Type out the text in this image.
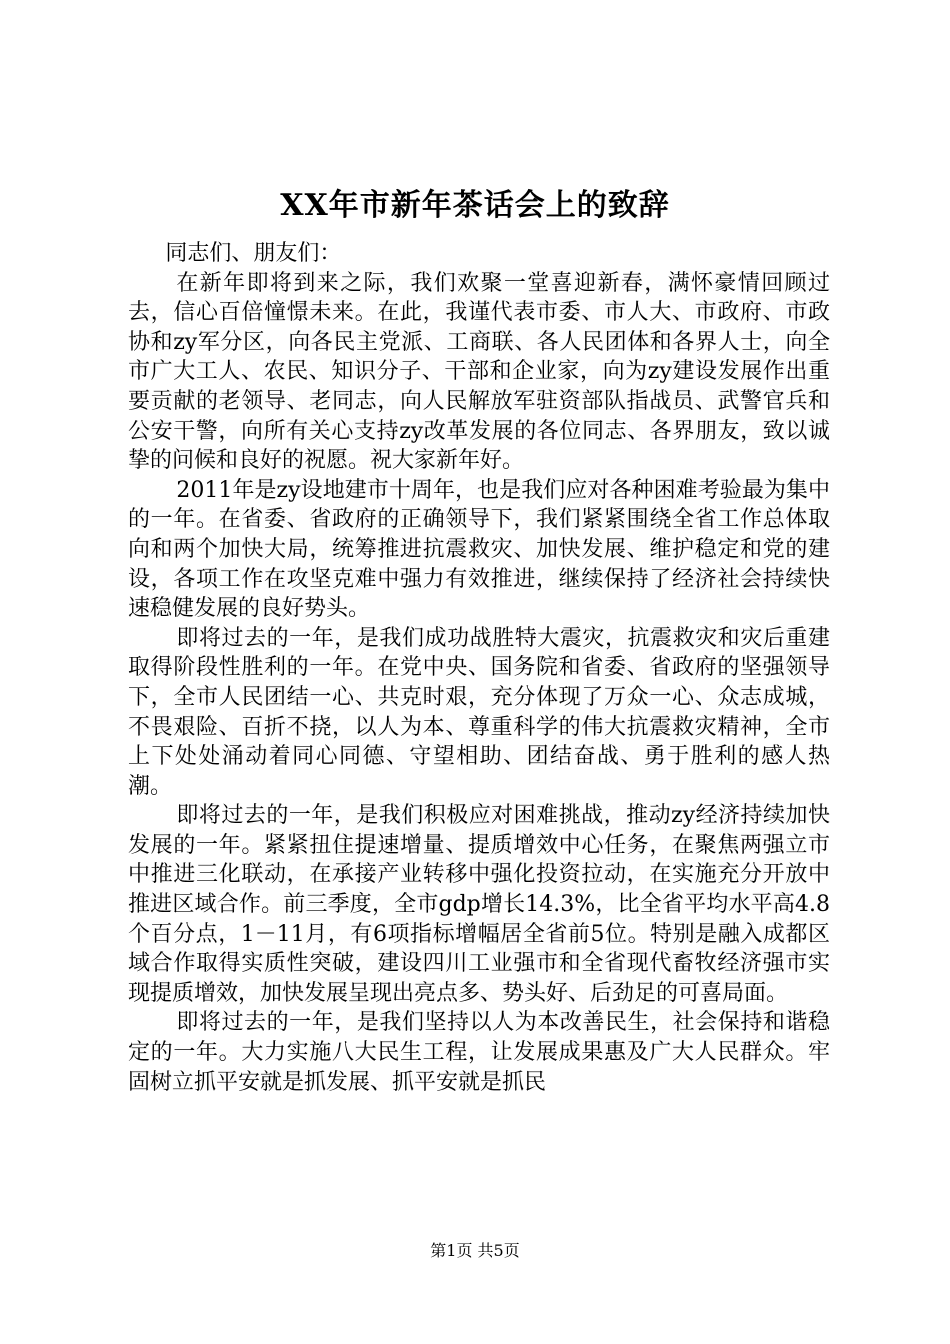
XX年市新年茶话会上的致辞

同志们、朋友们：

在新年即将到来之际，我们欢聚一堂喜迎新春，满怀豪情回顾过去，信心百倍憧憬未来。在此，我谨代表市委、市人大、市政府、市政协和zy军分区，向各民主党派、工商联、各人民团体和各界人士，向全市广大工人、农民、知识分子、干部和企业家，向为zy建设发展作出重要贡献的老领导、老同志，向人民解放军驻资部队指战员、武警官兵和公安干警，向所有关心支持zy改革发展的各位同志、各界朋友，致以诚挚的问候和良好的祝愿。祝大家新年好。

2011年是zy设地建市十周年，也是我们应对各种困难考验最为集中的一年。在省委、省政府的正确领导下，我们紧紧围绕全省工作总体取向和两个加快大局，统筹推进抗震救灾、加快发展、维护稳定和党的建设，各项工作在攻坚克难中强力有效推进，继续保持了经济社会持续快速稳健发展的良好势头。

即将过去的一年，是我们成功战胜特大震灾，抗震救灾和灾后重建取得阶段性胜利的一年。在党中央、国务院和省委、省政府的坚强领导下，全市人民团结一心、共克时艰，充分体现了万众一心、众志成城，不畏艰险、百折不挠，以人为本、尊重科学的伟大抗震救灾精神，全市上下处处涌动着同心同德、守望相助、团结奋战、勇于胜利的感人热潮。

即将过去的一年，是我们积极应对困难挑战，推动zy经济持续加快发展的一年。紧紧扭住提速增量、提质增效中心任务，在聚焦两强立市中推进三化联动，在承接产业转移中强化投资拉动，在实施充分开放中推进区域合作。前三季度，全市gdp增长14.3%，比全省平均水平高4.8个百分点，1－11月，有6项指标增幅居全省前5位。特别是融入成都区域合作取得实质性突破，建设四川工业强市和全省现代畜牧经济强市实现提质增效，加快发展呈现出亮点多、势头好、后劲足的可喜局面。

即将过去的一年，是我们坚持以人为本改善民生，社会保持和谐稳定的一年。大力实施八大民生工程，让发展成果惠及广大人民群众。牢固树立抓平安就是抓发展、抓平安就是抓民

第1页 共5页
